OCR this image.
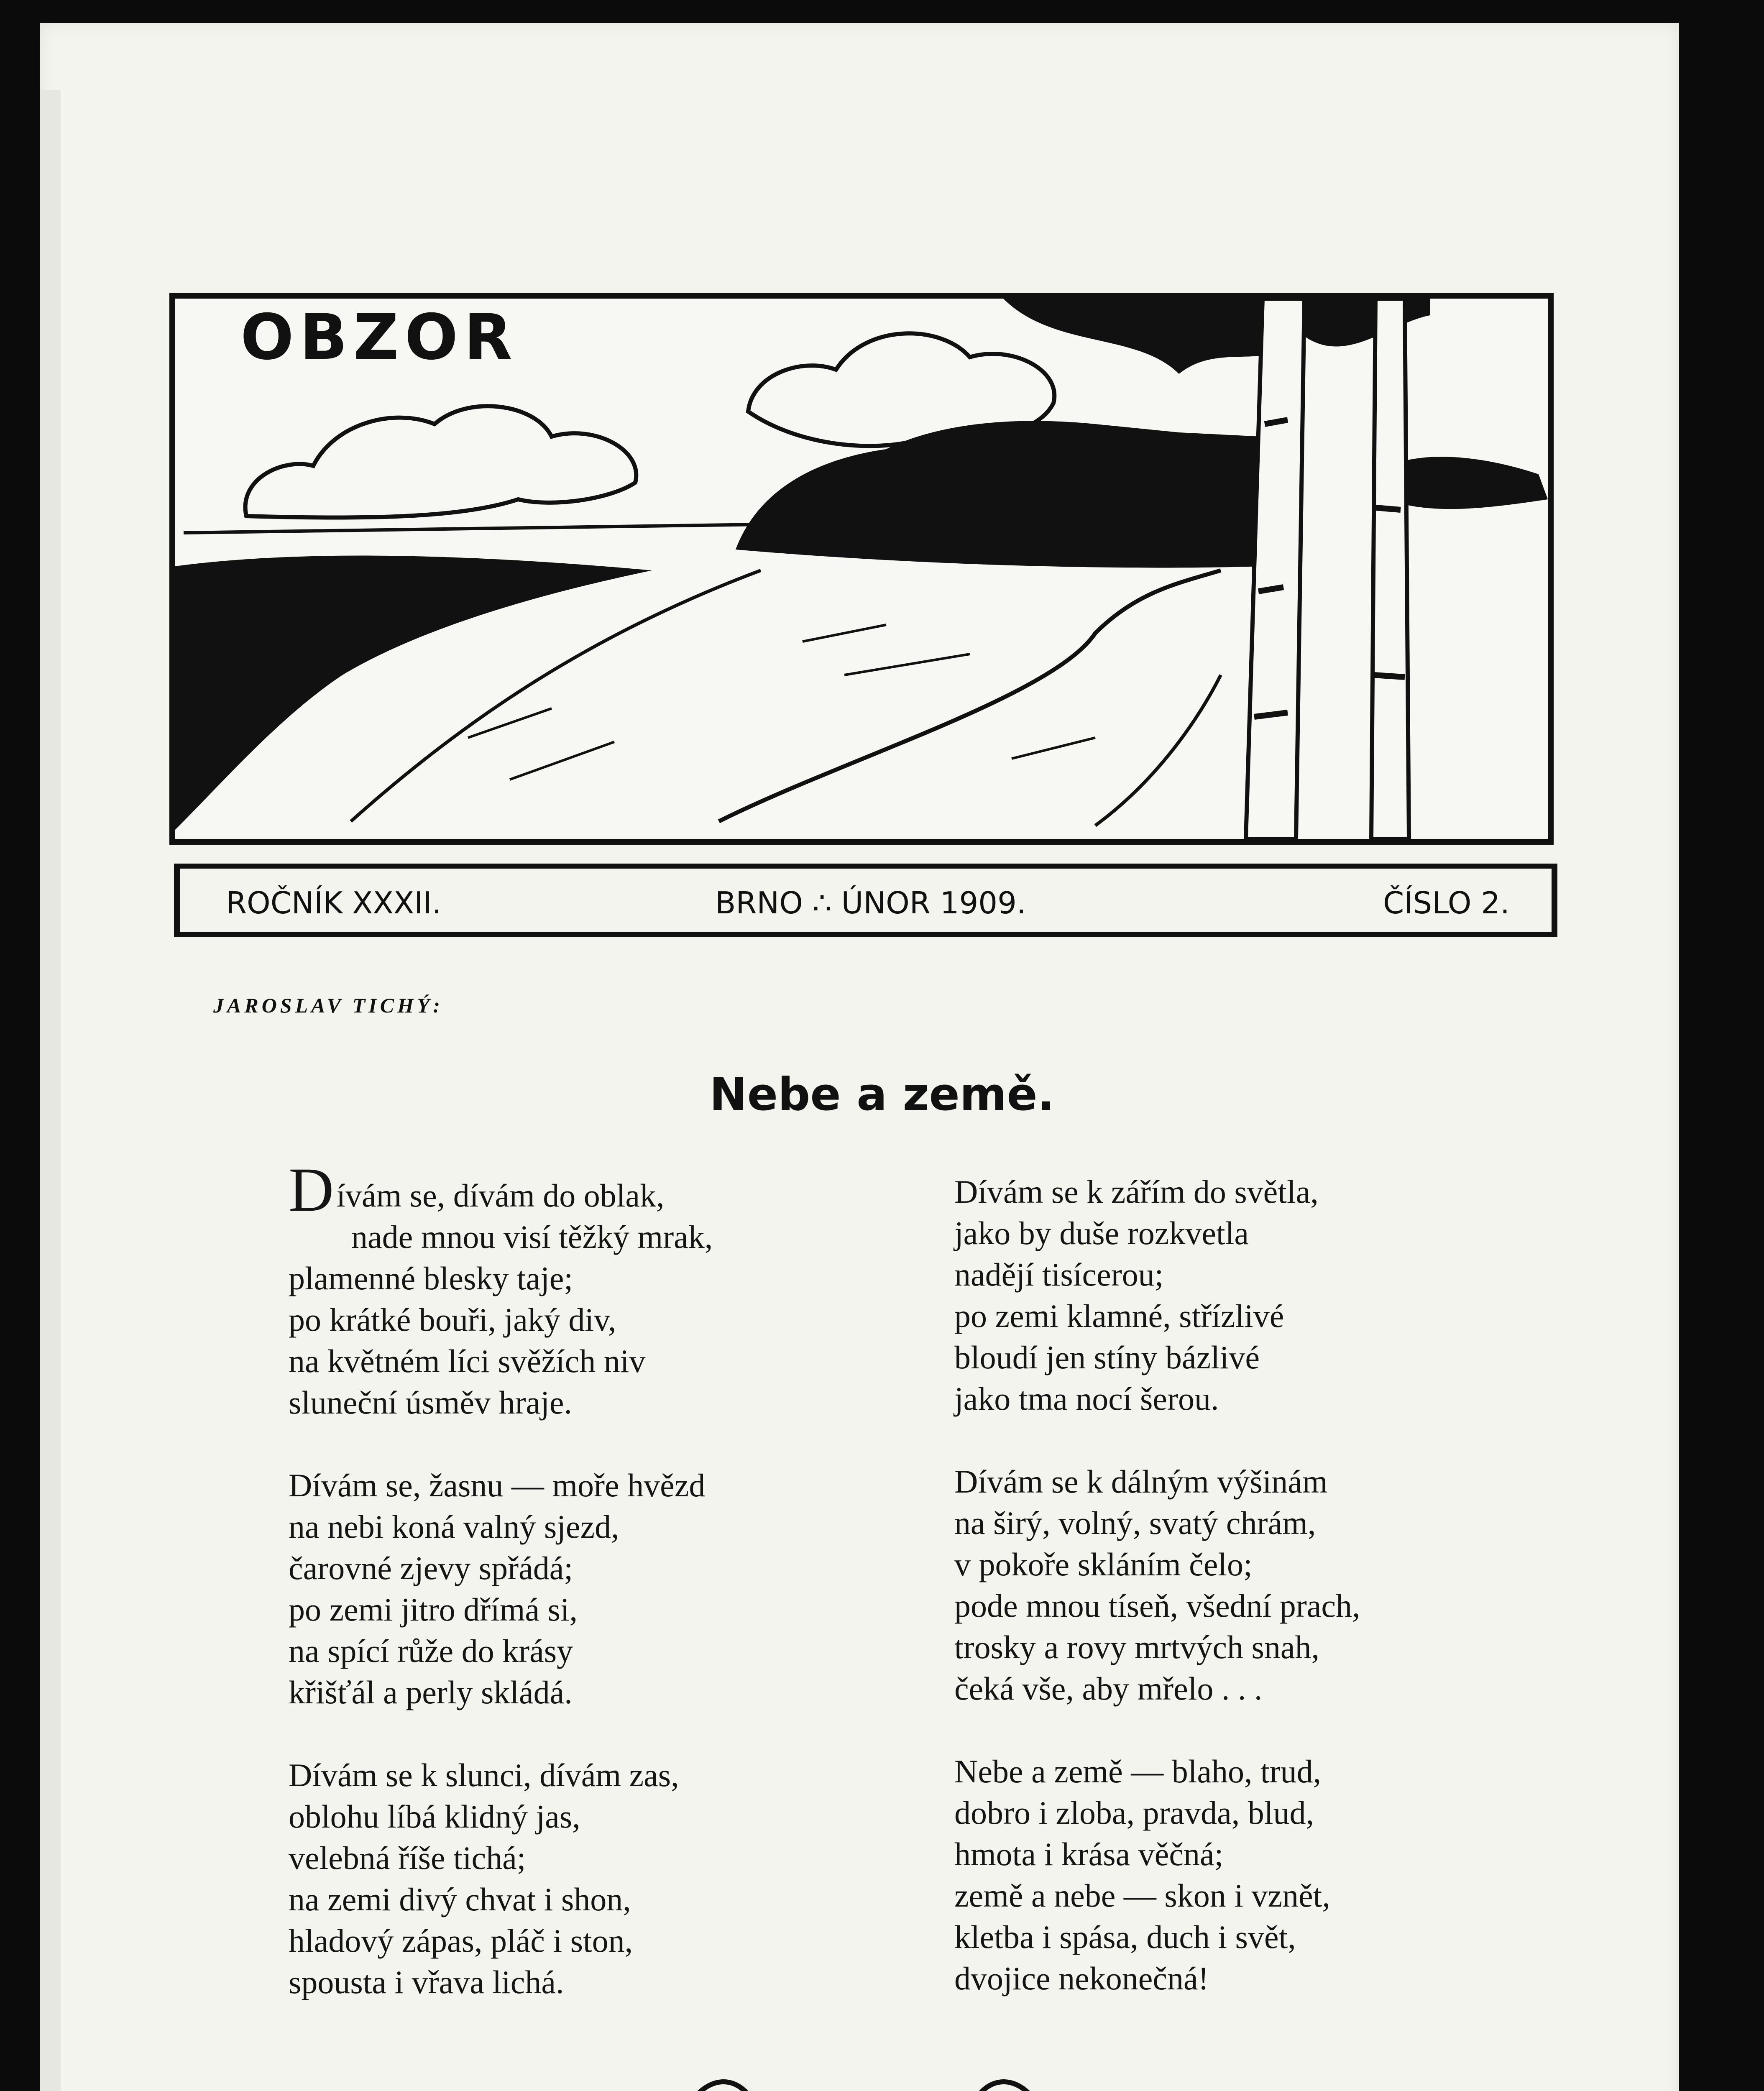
OBZOR
ROČNÍK XXXII.	BRNO ∴ ÚNOR 1909.	ČÍSLO 2.
JAROSLAV TICHÝ:
Nebe a země.
Dívám se, dívám do oblak,
nade mnou visí těžký mrak,
plamenné blesky taje;
po krátké bouři, jaký div,
na květném líci svěžích niv
sluneční úsměv hraje.
Dívám se, žasnu — moře hvězd
na nebi koná valný sjezd,
čarovné zjevy spřádá;
po zemi jitro dřímá si,
na spící růže do krásy
křišťál a perly skládá.
Dívám se k slunci, dívám zas,
oblohu líbá klidný jas,
velebná říše tichá;
na zemi divý chvat i shon,
hladový zápas, pláč i ston,
spousta i vřava lichá.
Dívám se k zářím do světla,
jako by duše rozkvetla
nadějí tisícerou;
po zemi klamné, střízlivé
bloudí jen stíny bázlivé
jako tma nocí šerou.
Dívám se k dálným výšinám
na širý, volný, svatý chrám,
v pokoře skláním čelo;
pode mnou tíseň, všední prach,
trosky a rovy mrtvých snah,
čeká vše, aby mřelo . . .
Nebe a země — blaho, trud,
dobro i zloba, pravda, blud,
hmota i krása věčná;
země a nebe — skon i vznět,
kletba i spása, duch i svět,
dvojice nekonečná!
